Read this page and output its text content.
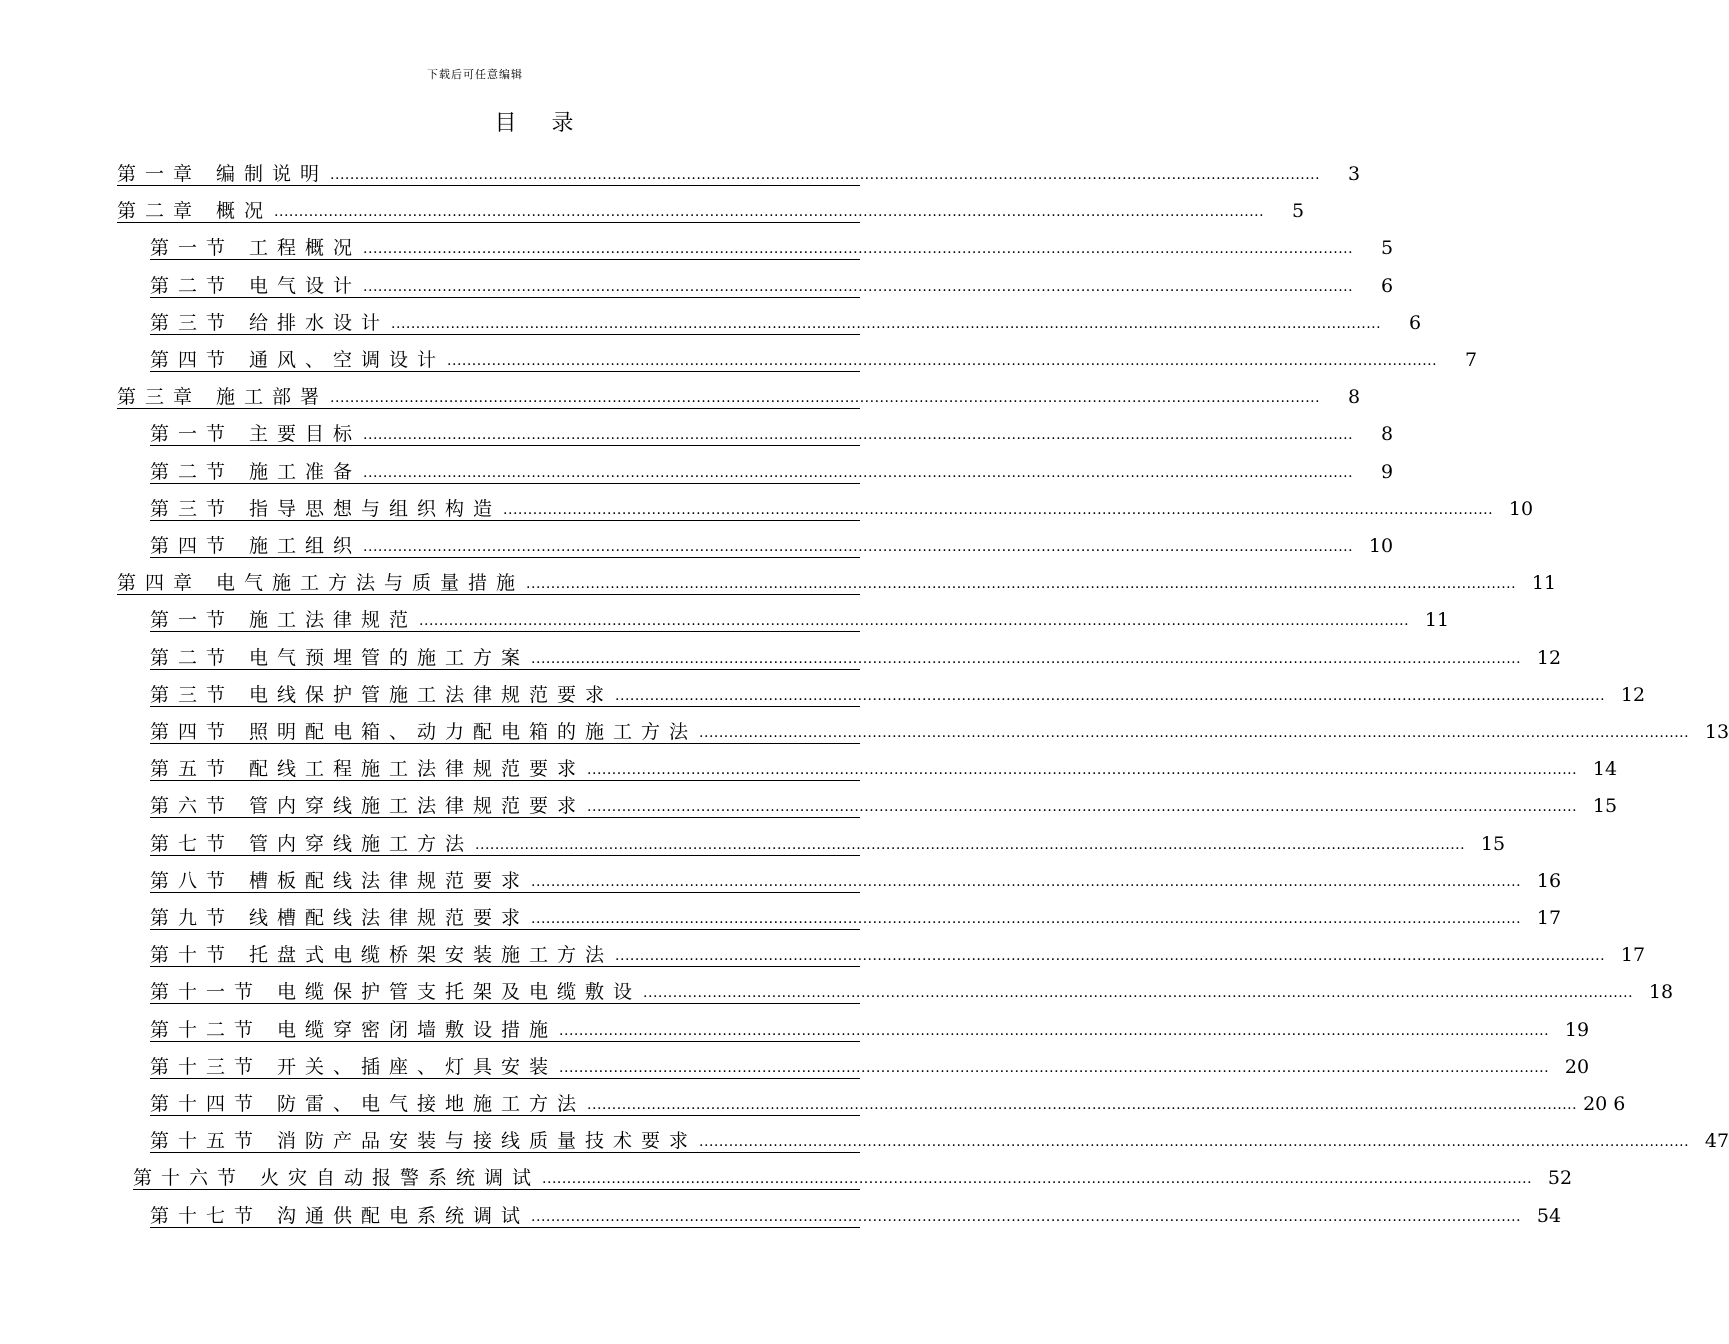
下载后可任意编辑
目 录
第一章 编制说明 ........................................................................................................................................................................................................	3
第二章 概况 ........................................................................................................................................................................................................	5
第一节 工程概况 ........................................................................................................................................................................................................	5
第二节 电气设计 ........................................................................................................................................................................................................	6
第三节 给排水设计 ........................................................................................................................................................................................................	6
第四节 通风、空调设计 ........................................................................................................................................................................................................	7
第三章 施工部署 ........................................................................................................................................................................................................	8
第一节 主要目标 ........................................................................................................................................................................................................	8
第二节 施工准备 ........................................................................................................................................................................................................	9
第三节 指导思想与组织构造 ........................................................................................................................................................................................................ 10
第四节 施工组织 ........................................................................................................................................................................................................ 10
第四章 电气施工方法与质量措施 ........................................................................................................................................................................................................ 11
第一节 施工法律规范 ........................................................................................................................................................................................................ 11
第二节 电气预埋管的施工方案 ........................................................................................................................................................................................................ 12
第三节 电线保护管施工法律规范要求 ........................................................................................................................................................................................................ 12
第四节 照明配电箱、动力配电箱的施工方法 ........................................................................................................................................................................................................ 13
第五节 配线工程施工法律规范要求 ........................................................................................................................................................................................................ 14
第六节 管内穿线施工法律规范要求 ........................................................................................................................................................................................................ 15
第七节 管内穿线施工方法 ........................................................................................................................................................................................................ 15
第八节 槽板配线法律规范要求 ........................................................................................................................................................................................................ 16
第九节 线槽配线法律规范要求 ........................................................................................................................................................................................................ 17
第十节 托盘式电缆桥架安装施工方法 ........................................................................................................................................................................................................ 17
第十一节 电缆保护管支托架及电缆敷设 ........................................................................................................................................................................................................ 18
第十二节 电缆穿密闭墙敷设措施 ........................................................................................................................................................................................................ 19
第十三节 开关、插座、灯具安装 ........................................................................................................................................................................................................ 20
第十四节 防雷、电气接地施工方法 ........................................................................................................................................................................................................ 20 6
第十五节 消防产品安装与接线质量技术要求 ........................................................................................................................................................................................................ 47
第十六节 火灾自动报警系统调试 ........................................................................................................................................................................................................ 52
第十七节 沟通供配电系统调试 ........................................................................................................................................................................................................ 54
